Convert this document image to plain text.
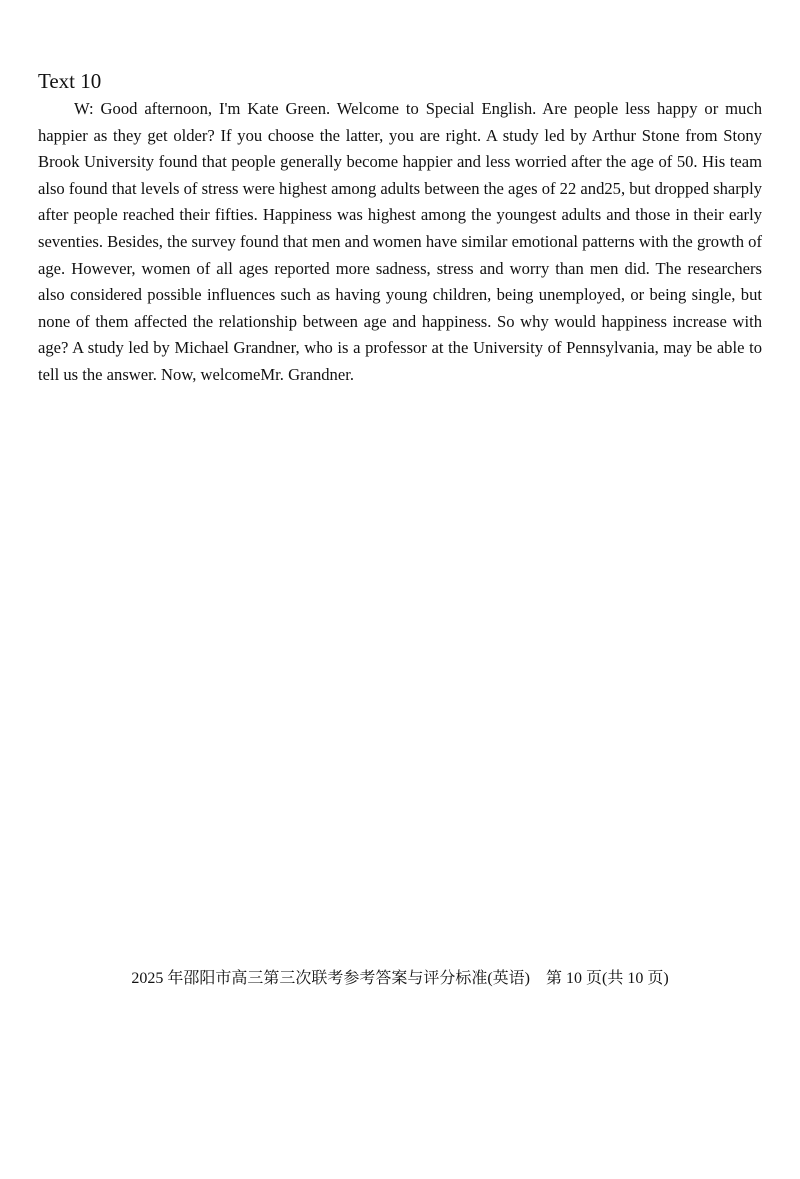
Text 10

W: Good afternoon, I'm Kate Green. Welcome to Special English. Are people less happy or much happier as they get older? If you choose the latter, you are right. A study led by Arthur Stone from Stony Brook University found that people generally become happier and less worried after the age of 50. His team also found that levels of stress were highest among adults between the ages of 22 and25, but dropped sharply after people reached their fifties. Happiness was highest among the youngest adults and those in their early seventies. Besides, the survey found that men and women have similar emotional patterns with the growth of age. However, women of all ages reported more sadness, stress and worry than men did. The researchers also considered possible influences such as having young children, being unemployed, or being single, but none of them affected the relationship between age and happiness. So why would happiness increase with age? A study led by Michael Grandner, who is a professor at the University of Pennsylvania, may be able to tell us the answer. Now, welcomeMr. Grandner.

2025 年邵阳市高三第三次联考参考答案与评分标准(英语)    第 10 页(共 10 页)
